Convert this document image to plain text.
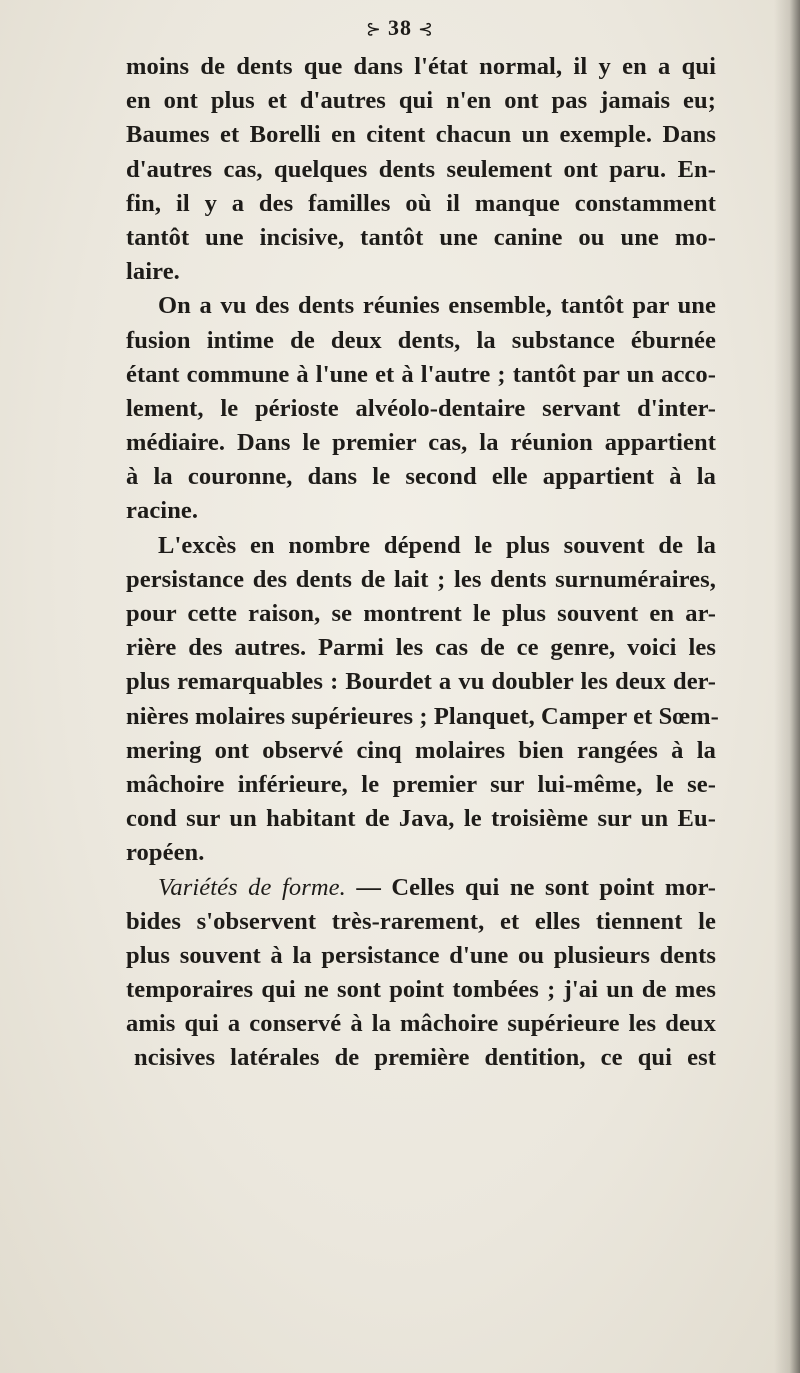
⊱ 38 ⊰
moins de dents que dans l'état normal, il y en a qui
en ont plus et d'autres qui n'en ont pas jamais eu;
Baumes et Borelli en citent chacun un exemple. Dans
d'autres cas, quelques dents seulement ont paru. En-
fin, il y a des familles où il manque constamment
tantôt une incisive, tantôt une canine ou une mo-
laire.
On a vu des dents réunies ensemble, tantôt par une
fusion intime de deux dents, la substance éburnée
étant commune à l'une et à l'autre ; tantôt par un acco-
lement, le périoste alvéolo-dentaire servant d'inter-
médiaire. Dans le premier cas, la réunion appartient
à la couronne, dans le second elle appartient à la
racine.
L'excès en nombre dépend le plus souvent de la
persistance des dents de lait ; les dents surnuméraires,
pour cette raison, se montrent le plus souvent en ar-
rière des autres. Parmi les cas de ce genre, voici les
plus remarquables : Bourdet a vu doubler les deux der-
nières molaires supérieures ; Planquet, Camper et Sœm-
mering ont observé cinq molaires bien rangées à la
mâchoire inférieure, le premier sur lui-même, le se-
cond sur un habitant de Java, le troisième sur un Eu-
ropéen.
Variétés de forme. — Celles qui ne sont point mor-
bides s'observent très-rarement, et elles tiennent le
plus souvent à la persistance d'une ou plusieurs dents
temporaires qui ne sont point tombées ; j'ai un de mes
amis qui a conservé à la mâchoire supérieure les deux
ncisives latérales de première dentition, ce qui est
